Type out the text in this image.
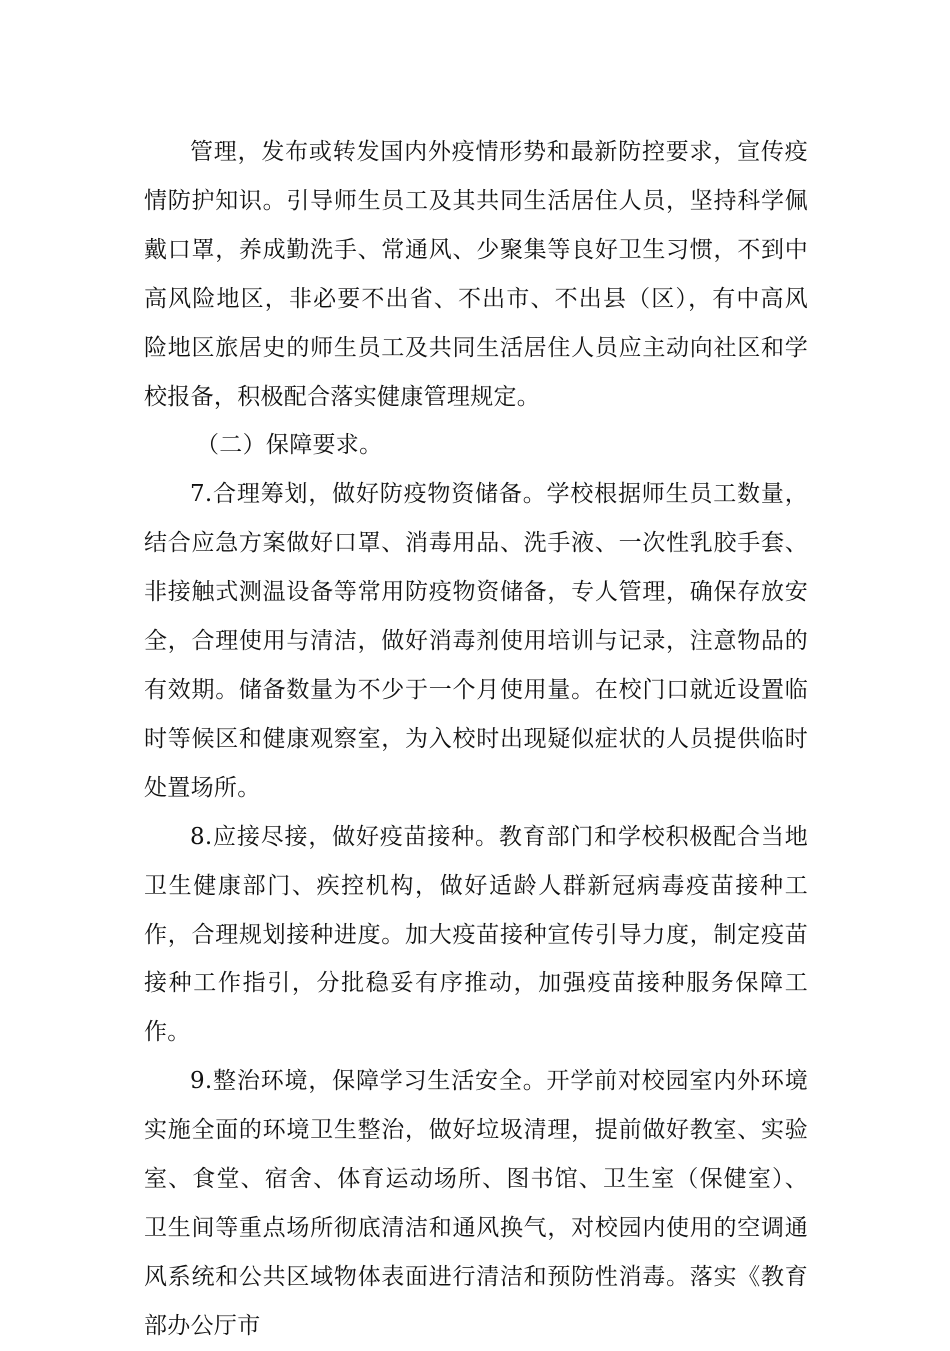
管理，发布或转发国内外疫情形势和最新防控要求，宣传疫情防护知识。引导师生员工及其共同生活居住人员，坚持科学佩戴口罩，养成勤洗手、常通风、少聚集等良好卫生习惯，不到中高风险地区，非必要不出省、不出市、不出县（区），有中高风险地区旅居史的师生员工及共同生活居住人员应主动向社区和学校报备，积极配合落实健康管理规定。

（二）保障要求。

7.合理筹划，做好防疫物资储备。学校根据师生员工数量，结合应急方案做好口罩、消毒用品、洗手液、一次性乳胶手套、非接触式测温设备等常用防疫物资储备，专人管理，确保存放安全，合理使用与清洁，做好消毒剂使用培训与记录，注意物品的有效期。储备数量为不少于一个月使用量。在校门口就近设置临时等候区和健康观察室，为入校时出现疑似症状的人员提供临时处置场所。

8.应接尽接，做好疫苗接种。教育部门和学校积极配合当地卫生健康部门、疾控机构，做好适龄人群新冠病毒疫苗接种工作，合理规划接种进度。加大疫苗接种宣传引导力度，制定疫苗接种工作指引，分批稳妥有序推动，加强疫苗接种服务保障工作。

9.整治环境，保障学习生活安全。开学前对校园室内外环境实施全面的环境卫生整治，做好垃圾清理，提前做好教室、实验室、食堂、宿舍、体育运动场所、图书馆、卫生室（保健室）、卫生间等重点场所彻底清洁和通风换气，对校园内使用的空调通风系统和公共区域物体表面进行清洁和预防性消毒。落实《教育部办公厅市
